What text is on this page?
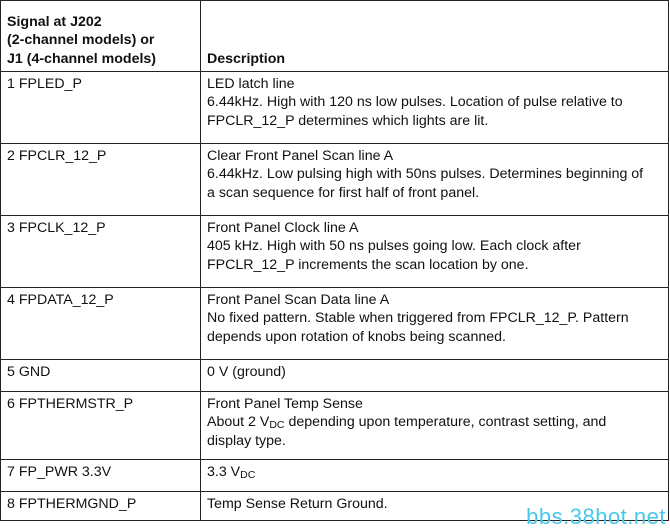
Signal at J202
(2-channel models) or
J1 (4-channel models)	Description
1 FPLED_P	LED latch line
6.44kHz. High with 120 ns low pulses. Location of pulse relative to
FPCLR_12_P determines which lights are lit.

2 FPCLR_12_P	Clear Front Panel Scan line A
6.44kHz. Low pulsing high with 50ns pulses. Determines beginning of
a scan sequence for first half of front panel.

3 FPCLK_12_P	Front Panel Clock line A
405 kHz. High with 50 ns pulses going low. Each clock after
FPCLR_12_P increments the scan location by one.

4 FPDATA_12_P	Front Panel Scan Data line A
No fixed pattern. Stable when triggered from FPCLR_12_P. Pattern
depends upon rotation of knobs being scanned.

5 GND	0 V (ground)

6 FPTHERMSTR_P	Front Panel Temp Sense
About 2 $V_{DC}$ depending upon temperature, contrast setting, and
display type.

7 FP_PWR 3.3V	3.3 $V_{DC}$

8 FPTHERMGND_P	Temp Sense Return Ground.	bbs.38hot.net
